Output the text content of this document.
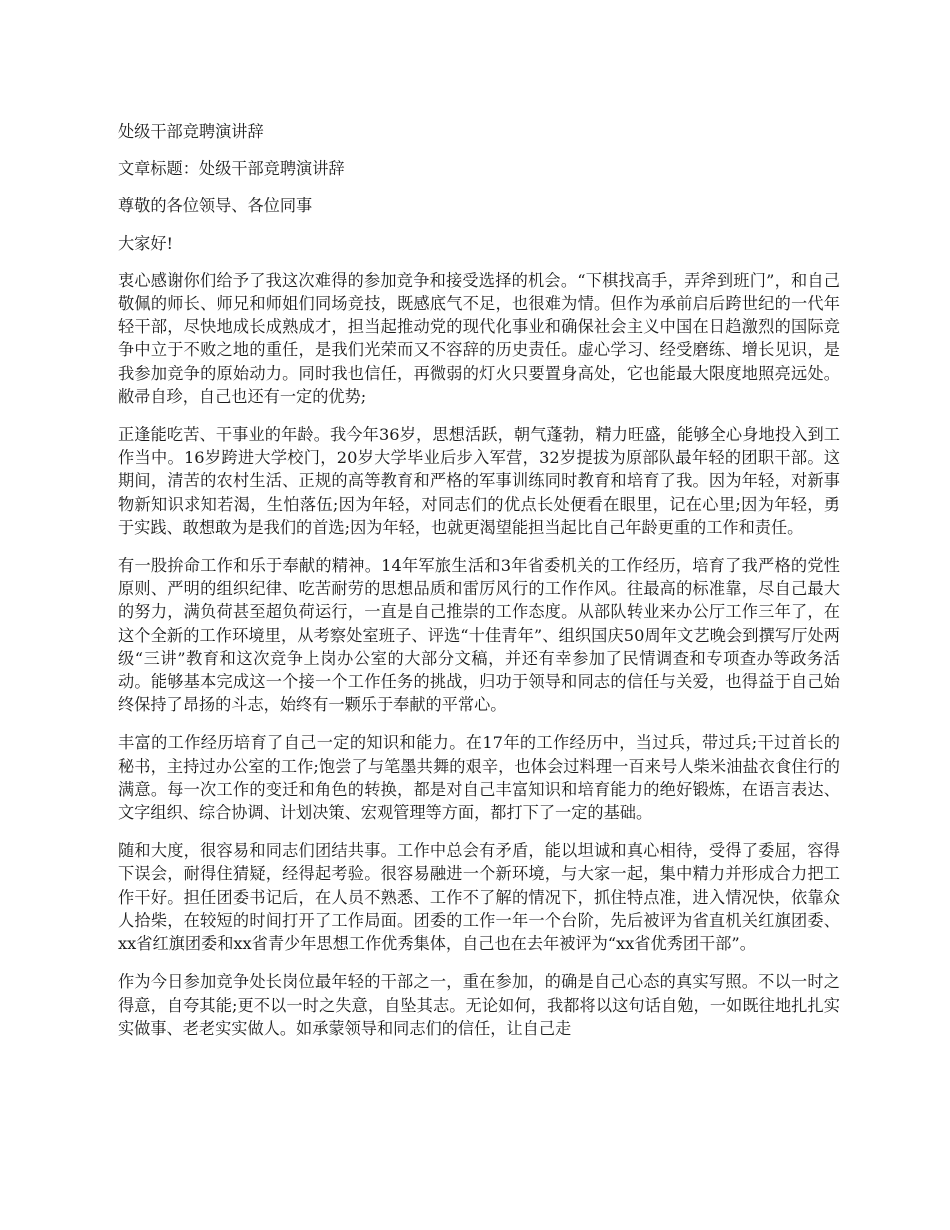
处级干部竞聘演讲辞

文章标题：处级干部竞聘演讲辞

尊敬的各位领导、各位同事

大家好!

衷心感谢你们给予了我这次难得的参加竞争和接受选择的机会。“下棋找高手，弄斧到班门”，和自己敬佩的师长、师兄和师姐们同场竞技，既感底气不足，也很难为情。但作为承前启后跨世纪的一代年轻干部，尽快地成长成熟成才，担当起推动党的现代化事业和确保社会主义中国在日趋激烈的国际竞争中立于不败之地的重任，是我们光荣而又不容辞的历史责任。虚心学习、经受磨练、增长见识，是我参加竞争的原始动力。同时我也信任，再微弱的灯火只要置身高处，它也能最大限度地照亮远处。敝帚自珍，自己也还有一定的优势;

正逢能吃苦、干事业的年龄。我今年36岁，思想活跃，朝气蓬勃，精力旺盛，能够全心身地投入到工作当中。16岁跨进大学校门，20岁大学毕业后步入军营，32岁提拔为原部队最年轻的团职干部。这期间，清苦的农村生活、正规的高等教育和严格的军事训练同时教育和培育了我。因为年轻，对新事物新知识求知若渴，生怕落伍;因为年轻，对同志们的优点长处便看在眼里，记在心里;因为年轻，勇于实践、敢想敢为是我们的首选;因为年轻，也就更渴望能担当起比自己年龄更重的工作和责任。

有一股拚命工作和乐于奉献的精神。14年军旅生活和3年省委机关的工作经历，培育了我严格的党性原则、严明的组织纪律、吃苦耐劳的思想品质和雷厉风行的工作作风。往最高的标准靠，尽自己最大的努力，满负荷甚至超负荷运行，一直是自己推崇的工作态度。从部队转业来办公厅工作三年了，在这个全新的工作环境里，从考察处室班子、评选“十佳青年”、组织国庆50周年文艺晚会到撰写厅处两级“三讲”教育和这次竞争上岗办公室的大部分文稿，并还有幸参加了民情调查和专项查办等政务活动。能够基本完成这一个接一个工作任务的挑战，归功于领导和同志的信任与关爱，也得益于自己始终保持了昂扬的斗志，始终有一颗乐于奉献的平常心。

丰富的工作经历培育了自己一定的知识和能力。在17年的工作经历中，当过兵，带过兵;干过首长的秘书，主持过办公室的工作;饱尝了与笔墨共舞的艰辛，也体会过料理一百来号人柴米油盐衣食住行的满意。每一次工作的变迁和角色的转换，都是对自己丰富知识和培育能力的绝好锻炼，在语言表达、文字组织、综合协调、计划决策、宏观管理等方面，都打下了一定的基础。

随和大度，很容易和同志们团结共事。工作中总会有矛盾，能以坦诚和真心相待，受得了委屈，容得下误会，耐得住猜疑，经得起考验。很容易融进一个新环境，与大家一起，集中精力并形成合力把工作干好。担任团委书记后，在人员不熟悉、工作不了解的情况下，抓住特点准，进入情况快，依靠众人拾柴，在较短的时间打开了工作局面。团委的工作一年一个台阶，先后被评为省直机关红旗团委、xx省红旗团委和xx省青少年思想工作优秀集体，自己也在去年被评为“xx省优秀团干部”。

作为今日参加竞争处长岗位最年轻的干部之一，重在参加，的确是自己心态的真实写照。不以一时之得意，自夸其能;更不以一时之失意，自坠其志。无论如何，我都将以这句话自勉，一如既往地扎扎实实做事、老老实实做人。如承蒙领导和同志们的信任，让自己走
